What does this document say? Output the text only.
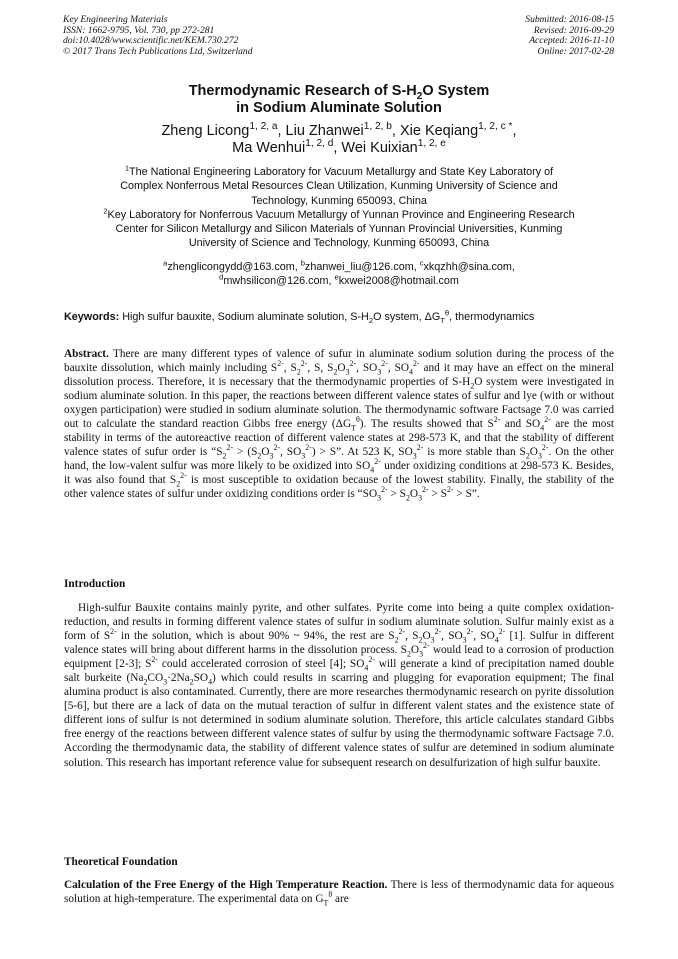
Key Engineering Materials
ISSN: 1662-9795, Vol. 730, pp 272-281
doi:10.4028/www.scientific.net/KEM.730.272
© 2017 Trans Tech Publications Ltd, Switzerland
Submitted: 2016-08-15
Revised: 2016-09-29
Accepted: 2016-11-10
Online: 2017-02-28
Thermodynamic Research of $S-H_2O$ System
in Sodium Aluminate Solution
Zheng Licong$^{1, 2, a}$, Liu Zhanwei$^{1, 2, b}$, Xie Keqiang$^{1, 2, c *}$,
Ma Wenhui$^{1, 2, d}$, Wei Kuixian$^{1, 2, e}$
$^1$The National Engineering Laboratory for Vacuum Metallurgy and State Key Laboratory of
Complex Nonferrous Metal Resources Clean Utilization, Kunming University of Science and
Technology, Kunming 650093, China
$^2$Key Laboratory for Nonferrous Vacuum Metallurgy of Yunnan Province and Engineering Research
Center for Silicon Metallurgy and Silicon Materials of Yunnan Provincial Universities, Kunming
University of Science and Technology, Kunming 650093, China
$^a$zhenglicongydd@163.com, $^b$zhanwei_liu@126.com, $^c$xkqzhh@sina.com,
$^d$mwhsilicon@126.com, $^e$kxwei2008@hotmail.com
Keywords: High sulfur bauxite, Sodium aluminate solution, $S-H_2O$ system, $\Delta G_T^\theta$, thermodynamics
Abstract. There are many different types of valence of sufur in aluminate sodium solution during the process of the bauxite dissolution, which mainly including $S^{2-}$, $S_2^{2-}$, S, $S_2O_3^{2-}$, $SO_3^{2-}$, $SO_4^{2-}$ and it may have an effect on the mineral dissolution process. Therefore, it is necessary that the thermodynamic properties of $S-H_2O$ system were investigated in sodium aluminate solution. In this paper, the reactions between different valence states of sulfur and lye (with or without oxygen participation) were studied in sodium aluminate solution. The thermodynamic software Factsage 7.0 was carried out to calculate the standard reaction Gibbs free energy $(\Delta G_T^\theta)$. The results showed that $S^{2-}$ and $SO_4^{2-}$ are the most stability in terms of the autoreactive reaction of different valence states at 298-573 K, and that the stability of different valence states of sufur order is “$S_2^{2-} > (S_2O_3^{2-}$, $SO_3^{2-}) > S$”. At 523 K, $SO_3^{2-}$ is more stable than $S_2O_3^{2-}$. On the other hand, the low-valent sulfur was more likely to be oxidized into $SO_4^{2-}$ under oxidizing conditions at 298-573 K. Besides, it was also found that $S_2^{2-}$ is most susceptible to oxidation because of the lowest stability. Finally, the stability of the other valence states of sulfur under oxidizing conditions order is “$SO_3^{2-} > S_2O_3^{2-} > S^{2-} > S$”.
Introduction
High-sulfur Bauxite contains mainly pyrite, and other sulfates. Pyrite come into being a quite complex oxidation-reduction, and results in forming different valence states of sulfur in sodium aluminate solution. Sulfur mainly exist as a form of $S^{2-}$ in the solution, which is about 90% ~ 94%, the rest are $S_2^{2-}$, $S_2O_3^{2-}$, $SO_3^{2-}$, $SO_4^{2-}$ [1]. Sulfur in different valence states will bring about different harms in the dissolution process. $S_2O_3^{2-}$ would lead to a corrosion of production equipment [2-3]; $S^{2-}$ could accelerated corrosion of steel [4]; $SO_4^{2-}$ will generate a kind of precipitation named double salt burkeite $(Na_2CO_3\cdot 2Na_2SO_4)$ which could results in scarring and plugging for evaporation equipment; The final alumina product is also contaminated. Currently, there are more researches thermodynamic research on pyrite dissolution [5-6], but there are a lack of data on the mutual teraction of sulfur in different valent states and the existence state of different ions of sulfur is not determined in sodium aluminate solution. Therefore, this article calculates standard Gibbs free energy of the reactions between different valence states of sulfur by using the thermodynamic software Factsage 7.0. According the thermodynamic data, the stability of different valence states of sulfur are detemined in sodium aluminate solution. This research has important reference value for subsequent research on desulfurization of high sulfur bauxite.
Theoretical Foundation
Calculation of the Free Energy of the High Temperature Reaction. There is less of thermodynamic data for aqueous solution at high-temperature. The experimental data on $G_T^\theta$ are
